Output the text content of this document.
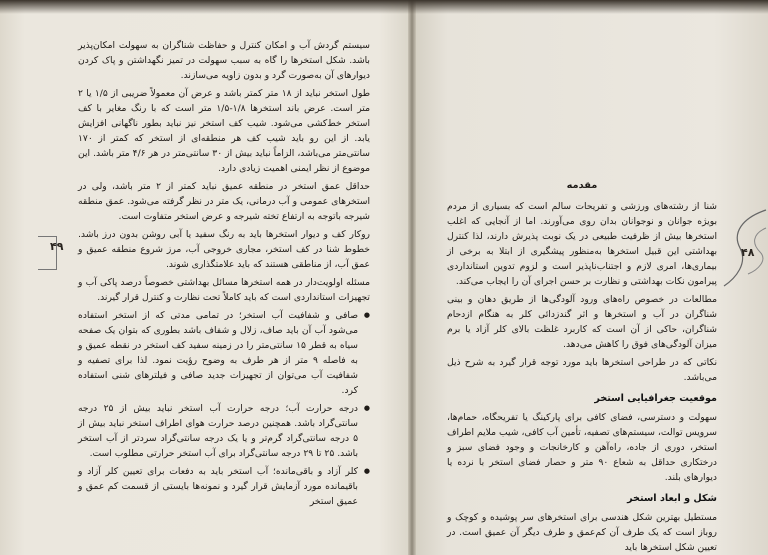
سیستم گردش آب و امکان کنترل و حفاظت شناگران به سهولت امکان‌پذیر باشد. شکل استخرها را گاه به سبب سهولت در تمیز نگهداشتن و پاک کردن دیوارهای آن به‌صورت گرد و بدون زاویه می‌سازند.

طول استخر نباید از ۱۸ متر کمتر باشد و عرض آن معمولاً ضریبی از ۱/۵ یا ۲ متر است. عرض باند استخرها ۱/۸-۱/۵ متر است که با رنگ مغایر با کف استخر خط‌کشی می‌شود. شیب کف استخر نیز نباید بطور ناگهانی افزایش یابد. از این رو باید شیب کف هر منطقه‌ای از استخر که کمتر از ۱۷۰ سانتی‌متر می‌باشد، الزاماً نباید بیش از ۳۰ سانتی‌متر در هر ۴/۶ متر باشد. این موضوع از نظر ایمنی اهمیت زیادی دارد.

حداقل عمق استخر در منطقه عمیق نباید کمتر از ۲ متر باشد، ولی در استخرهای عمومی و آب درمانی، یک متر در نظر گرفته می‌شود. عمق منطقه شیرجه باتوجه به ارتفاع تخته شیرجه و عرض استخر متفاوت است.

روکار کف و دیوار استخرها باید به رنگ سفید یا آبی روشن بدون درز باشد. خطوط شنا در کف استخر، مجاری خروجی آب، مرز شروع منطقه عمیق و عمق آب، از مناطقی هستند که باید علامتگذاری شوند.

مسئله اولویت‌دار در همه استخرها مسائل بهداشتی خصوصاً درصد پاکی آب و تجهیزات استانداردی است که باید کاملاً تحت نظارت و کنترل قرار گیرند.

● صافی و شفافیت آب استخر؛ در تمامی مدتی که از استخر استفاده می‌شود آب آن باید صاف، زلال و شفاف باشد بطوری که بتوان یک صفحه سیاه به قطر ۱۵ سانتی‌متر را در زمینه سفید کف استخر در نقطه عمیق و به فاصله ۹ متر از هر طرف به وضوح رؤیت نمود. لذا برای تصفیه و شفافیت آب می‌توان از تجهیزات جدید صافی و فیلترهای شنی استفاده کرد.
● درجه حرارت آب؛ درجه حرارت آب استخر نباید بیش از ۲۵ درجه سانتی‌گراد باشد. همچنین درصد حرارت هوای اطراف استخر نباید بیش از ۵ درجه سانتی‌گراد گرم‌تر و یا یک درجه سانتی‌گراد سردتر از آب استخر باشد. ۲۵ تا ۲۹ درجه سانتی‌گراد برای آب استخر حرارتی مطلوب است.
● کلر آزاد و باقی‌مانده؛ آب استخر باید به دفعات برای تعیین کلر آزاد و باقیمانده مورد آزمایش قرار گیرد و نمونه‌ها بایستی از قسمت کم عمق و عمیق استخر
۴۹
مقدمه

شنا از رشته‌های ورزشی و تفریحات سالم است که بسیاری از مردم بویژه جوانان و نوجوانان بدان روی می‌آورند. اما از آنجایی که اغلب استخرها بیش از ظرفیت طبیعی در یک نوبت پذیرش دارند، لذا کنترل بهداشتی این قبیل استخرها به‌منظور پیشگیری از ابتلا به برخی از بیماری‌ها، امری لازم و اجتناب‌ناپذیر است و لزوم تدوین استانداردی پیرامون نکات بهداشتی و نظارت بر حسن اجرای آن را ایجاب می‌کند.

مطالعات در خصوص راه‌های ورود آلودگی‌ها از طریق دهان و بینی شناگران در آب و استخرها و اثر گندزدائی کلر به هنگام ازدحام شناگران، حاکی از آن است که کاربرد غلظت بالای کلر آزاد یا برم میزان آلودگی‌های فوق را کاهش می‌دهد.

نکاتی که در طراحی استخرها باید مورد توجه قرار گیرد به شرح ذیل می‌باشد.

موقعیت جغرافیایی استخر

سهولت و دسترسی، فضای کافی برای پارکینگ یا تفریحگاه، حمام‌ها، سرویس توالت، سیستم‌های تصفیه، تأمین آب کافی، شیب ملایم اطراف استخر، دوری از جاده، راه‌آهن و کارخانجات و وجود فضای سبز و درختکاری حداقل به شعاع ۹۰ متر و حصار فضای استخر با نرده یا دیوارهای بلند.

شکل و ابعاد استخر

مستطیل بهترین شکل هندسی برای استخرهای سر پوشیده و کوچک و روباز است که یک طرف آن کم‌عمق و طرف دیگر آن عمیق است. در تعیین شکل استخرها باید

۴۸
